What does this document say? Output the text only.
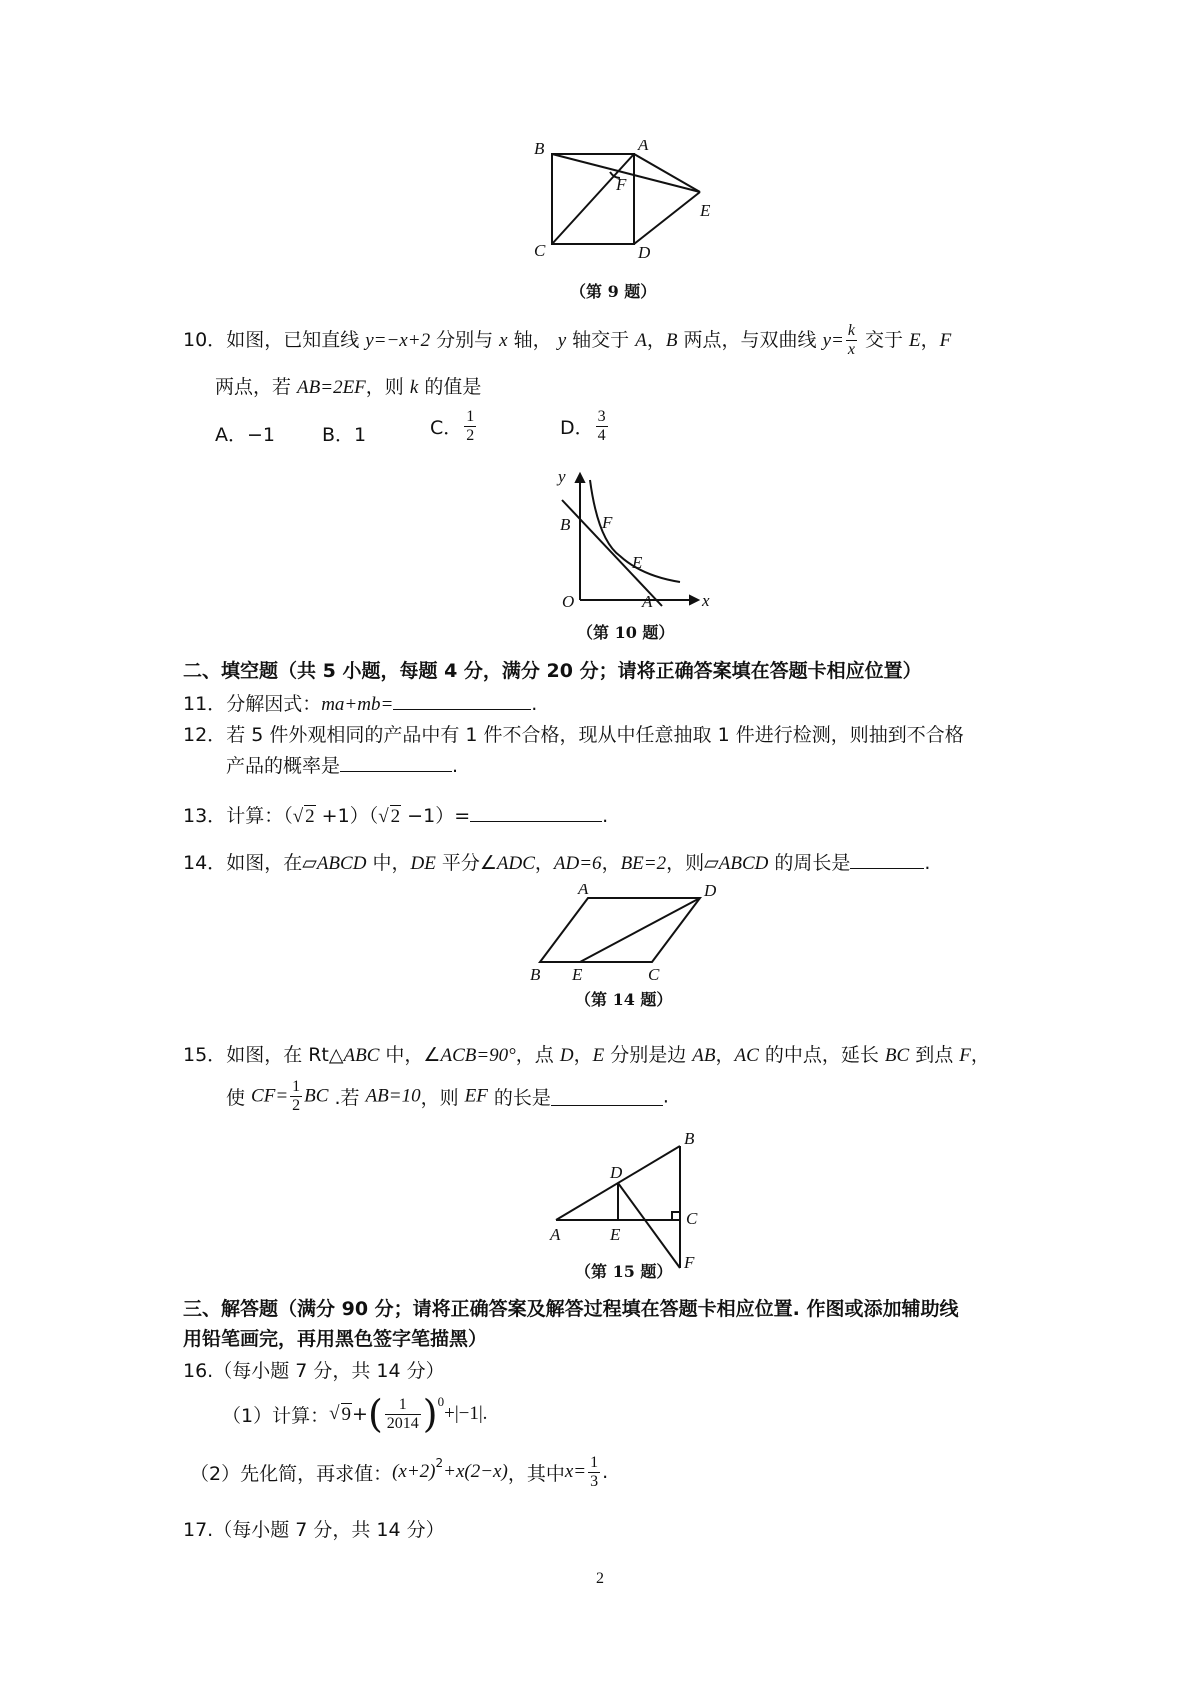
B	A
F
E
C	D
（第 9 题）
10．如图，已知直线 y=−x+2 分别与 x 轴， y 轴交于 A，B 两点，与双曲线 $y= \frac{k}{x}$ 交于 E，F
两点，若 AB=2EF，则 k 的值是
A．−1 B．1	C． $\frac{1}{2}$	D． $\frac{3}{4}$
y
x
O	A
B F
E
（第 10 题）
二、填空题（共 5 小题，每题 4 分，满分 20 分；请将正确答案填在答题卡相应位置）
11．分解因式：ma+mb=	.
12．若 5 件外观相同的产品中有 1 件不合格，现从中任意抽取 1 件进行检测，则抽到不合格
产品的概率是	.
13．计算：（√ 2 +1）（√ 2 −1）=	.
14．如图，在▱ABCD 中，DE 平分∠ADC，AD=6，BE=2，则▱ABCD 的周长是	.
A	D
B E	C
（第 14 题）
15．如图，在 Rt△ABC 中，∠ACB=90°，点 D，E 分别是边 AB，AC 的中点，延长 BC 到点 F，
使 $CF= \frac{1}{2}$ BC .若 AB=10，则 EF 的长是	.
B
D
C
A	E
F
（第 15 题）
三、解答题（满分 90 分；请将正确答案及解答过程填在答题卡相应位置. 作图或添加辅助线
用铅笔画完，再用黑色签字笔描黑）
16.（每小题 7 分，共 14 分）
（1）计算： √ 9 + ( $\frac{1}{2014} )^0$
+|−1|.
（2）先化简，再求值： $(x+2)^2 +x(2-x)$ ，其中 $x= \frac{1}{3}$ .
17.（每小题 7 分，共 14 分）
2
